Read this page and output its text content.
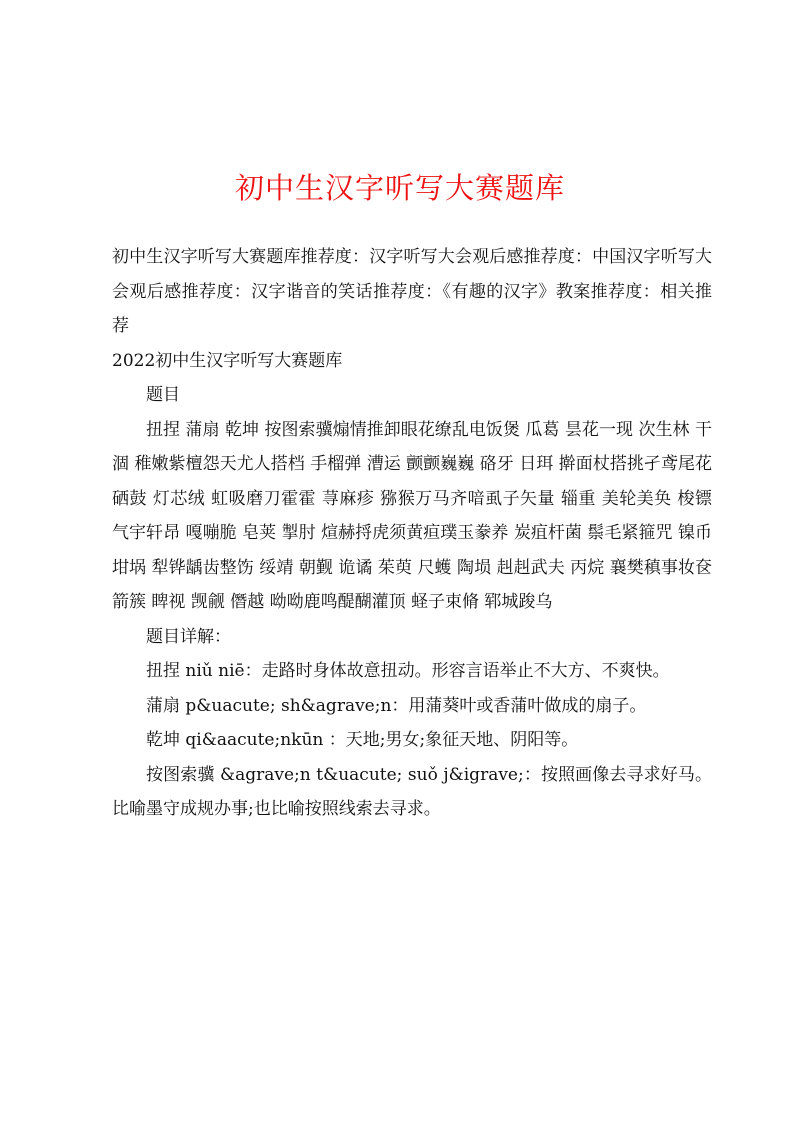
初中生汉字听写大赛题库

初中生汉字听写大赛题库推荐度：汉字听写大会观后感推荐度：中国汉字听写大会观后感推荐度：汉字谐音的笑话推荐度：《有趣的汉字》教案推荐度：相关推荐

2022初中生汉字听写大赛题库

题目

扭捏 蒲扇 乾坤 按图索骥煽情推卸眼花缭乱电饭煲 瓜葛 昙花一现 次生林 干涸 稚嫩紫檀怨天尤人搭档 手榴弹 漕运 颤颤巍巍 硌牙 日珥 擀面杖搭挑孑鸢尾花硒鼓 灯芯绒 虹吸磨刀霍霍 荨麻疹 猕猴万马齐喑虱子矢量 辎重 美轮美奂 梭镖 气宇轩昂 嘎嘣脆 皂荚 掣肘 煊赫捋虎须黄疸璞玉豢养 炭疽杆菌 鬃毛紧箍咒 镍币 坩埚 犁铧龋齿整饬 绥靖 朝觐 诡谲 茱萸 尺蠖 陶埙 赳赳武夫 丙烷 襄樊稹事妆奁箭簇 睥视 觊觎 僭越 呦呦鹿鸣醍醐灌顶 蛏子束脩 郓城踆乌

题目详解：

扭捏 niǔ niē：走路时身体故意扭动。形容言语举止不大方、不爽快。

蒲扇 p&uacute; sh&agrave;n：用蒲葵叶或香蒲叶做成的扇子。

乾坤 qi&aacute;nkūn ：天地;男女;象征天地、阴阳等。

按图索骥 &agrave;n t&uacute; suǒ j&igrave;：按照画像去寻求好马。比喻墨守成规办事;也比喻按照线索去寻求。
